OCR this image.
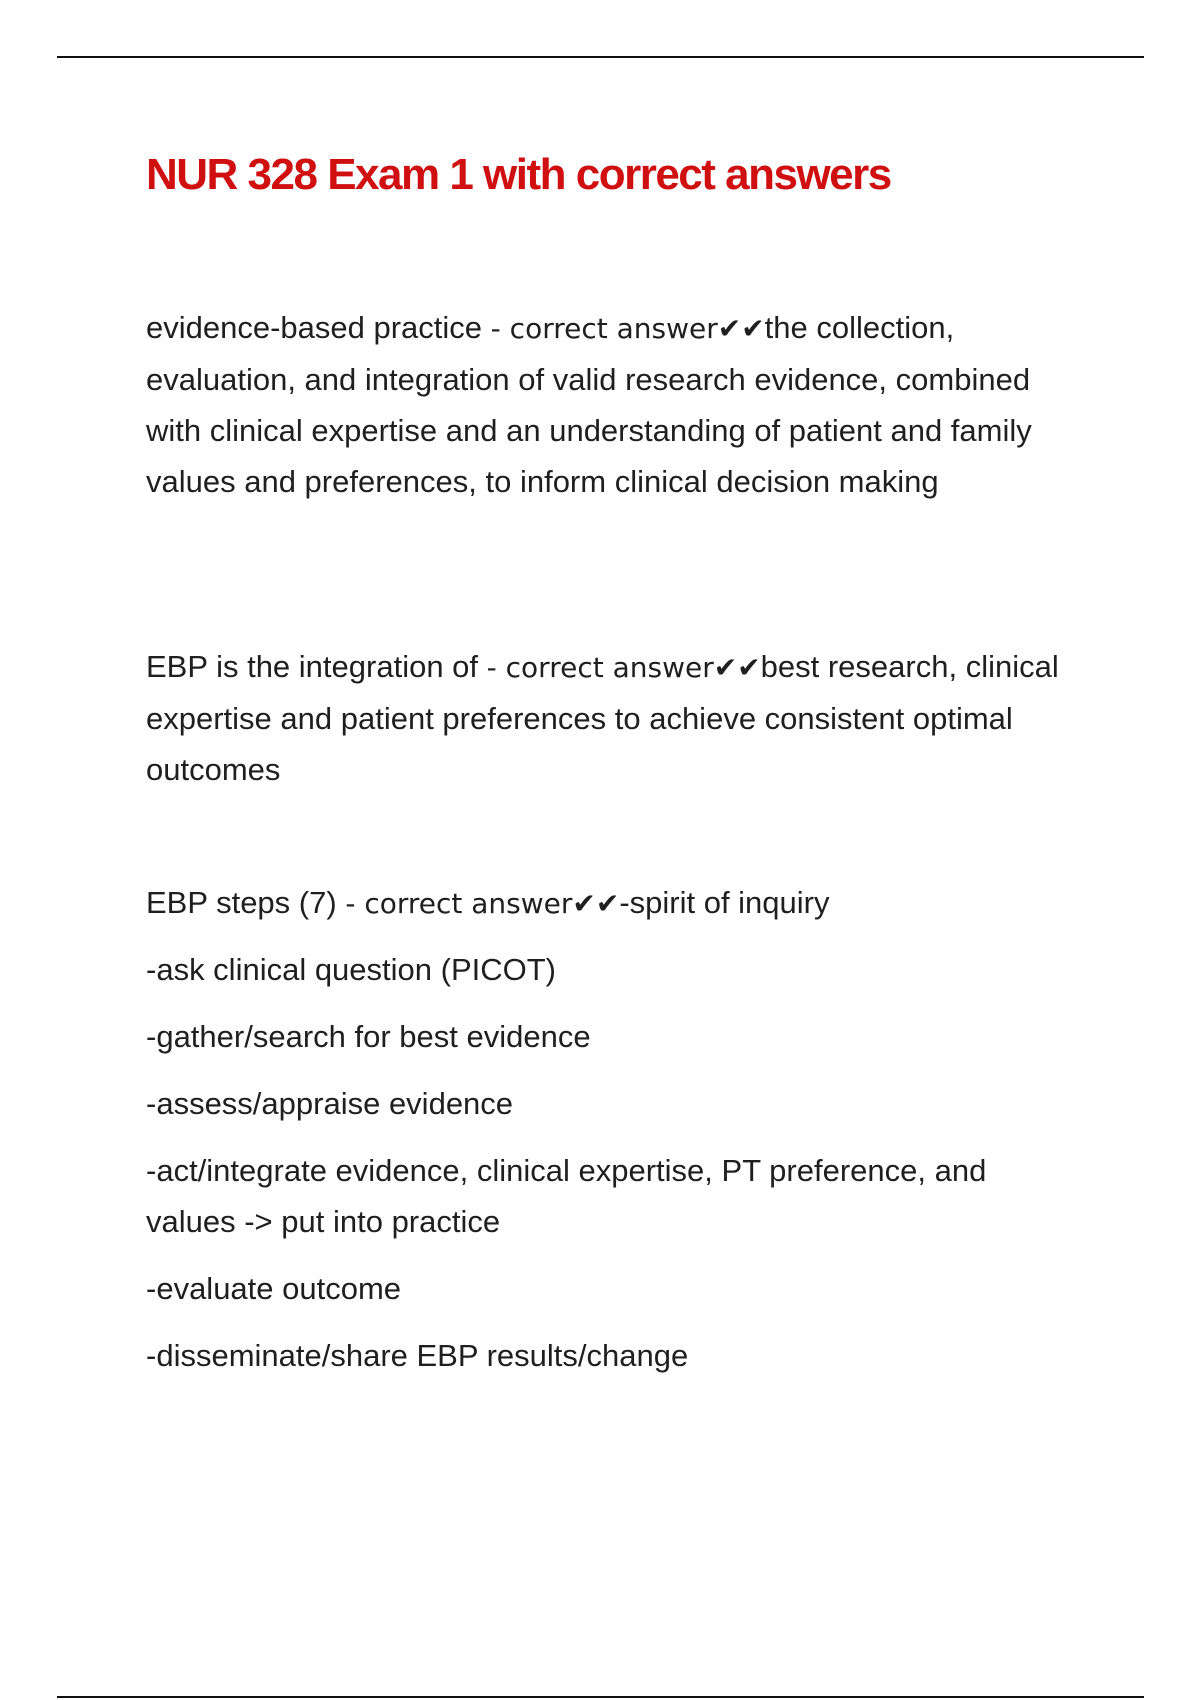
NUR 328 Exam 1 with correct answers

evidence-based practice - correct answer✔✔the collection, evaluation, and integration of valid research evidence, combined with clinical expertise and an understanding of patient and family values and preferences, to inform clinical decision making

EBP is the integration of - correct answer✔✔best research, clinical expertise and patient preferences to achieve consistent optimal outcomes

EBP steps (7) - correct answer✔✔-spirit of inquiry

-ask clinical question (PICOT)
-gather/search for best evidence
-assess/appraise evidence
-act/integrate evidence, clinical expertise, PT preference, and values -> put into practice
-evaluate outcome
-disseminate/share EBP results/change
